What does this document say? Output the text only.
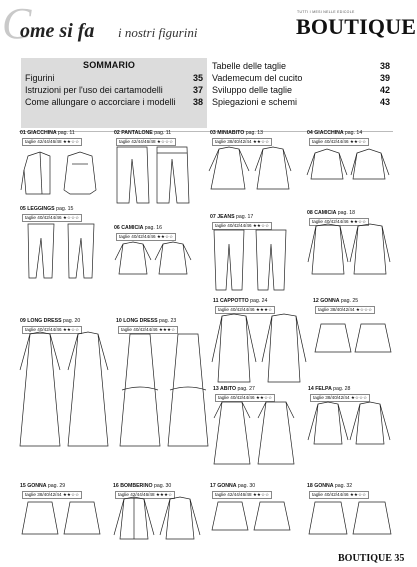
C
ome si fa i nostri figurini
TUTTI I MESI NELLE EDICOLE
BOUTIQUE
SOMMARIO
Figurini	35
Istruzioni per l'uso dei cartamodelli	37
Come allungare o accorciare i modelli	38
Tabelle delle taglie	38
Vademecum del cucito	39
Sviluppo delle taglie	42
Spiegazioni e schemi	43
01 GIACCHINA pag. 11
taglie 42/44/46/48 ★★☆☆
02 PANTALONE pag. 11
taglie 42/44/46/48 ★☆☆☆
03 MINIABITO pag. 13
taglie 38/40/42/44 ★★☆☆
04 GIACCHINA pag. 14
taglie 40/42/44/46 ★★☆☆
05 LEGGINGS pag. 15
taglie 40/42/44/46 ★☆☆☆
06 CAMICIA pag. 16
taglie 40/42/44/46 ★★☆☆
07 JEANS pag. 17
taglie 40/42/44/46 ★★☆☆
08 CAMICIA pag. 18
taglie 40/42/44/46 ★★☆☆
09 LONG DRESS pag. 20
taglie 40/42/44/46 ★★☆☆
10 LONG DRESS pag. 23
taglie 40/42/44/46 ★★★☆
11 CAPPOTTO pag. 24
taglie 40/42/44/46 ★★★☆
12 GONNA pag. 25
taglie 38/40/42/44 ★☆☆☆
13 ABITO pag. 27
taglie 40/42/44/46 ★★☆☆
14 FELPA pag. 28
taglie 38/40/42/44 ★☆☆☆
15 GONNA pag. 29
taglie 38/40/42/44 ★★☆☆
16 BOMBERINO pag. 30
taglie 42/44/46/48 ★★★☆
17 GONNA pag. 30
taglie 42/44/46/48 ★★☆☆
18 GONNA pag. 32
taglie 40/42/44/46 ★★☆☆
BOUTIQUE 35
